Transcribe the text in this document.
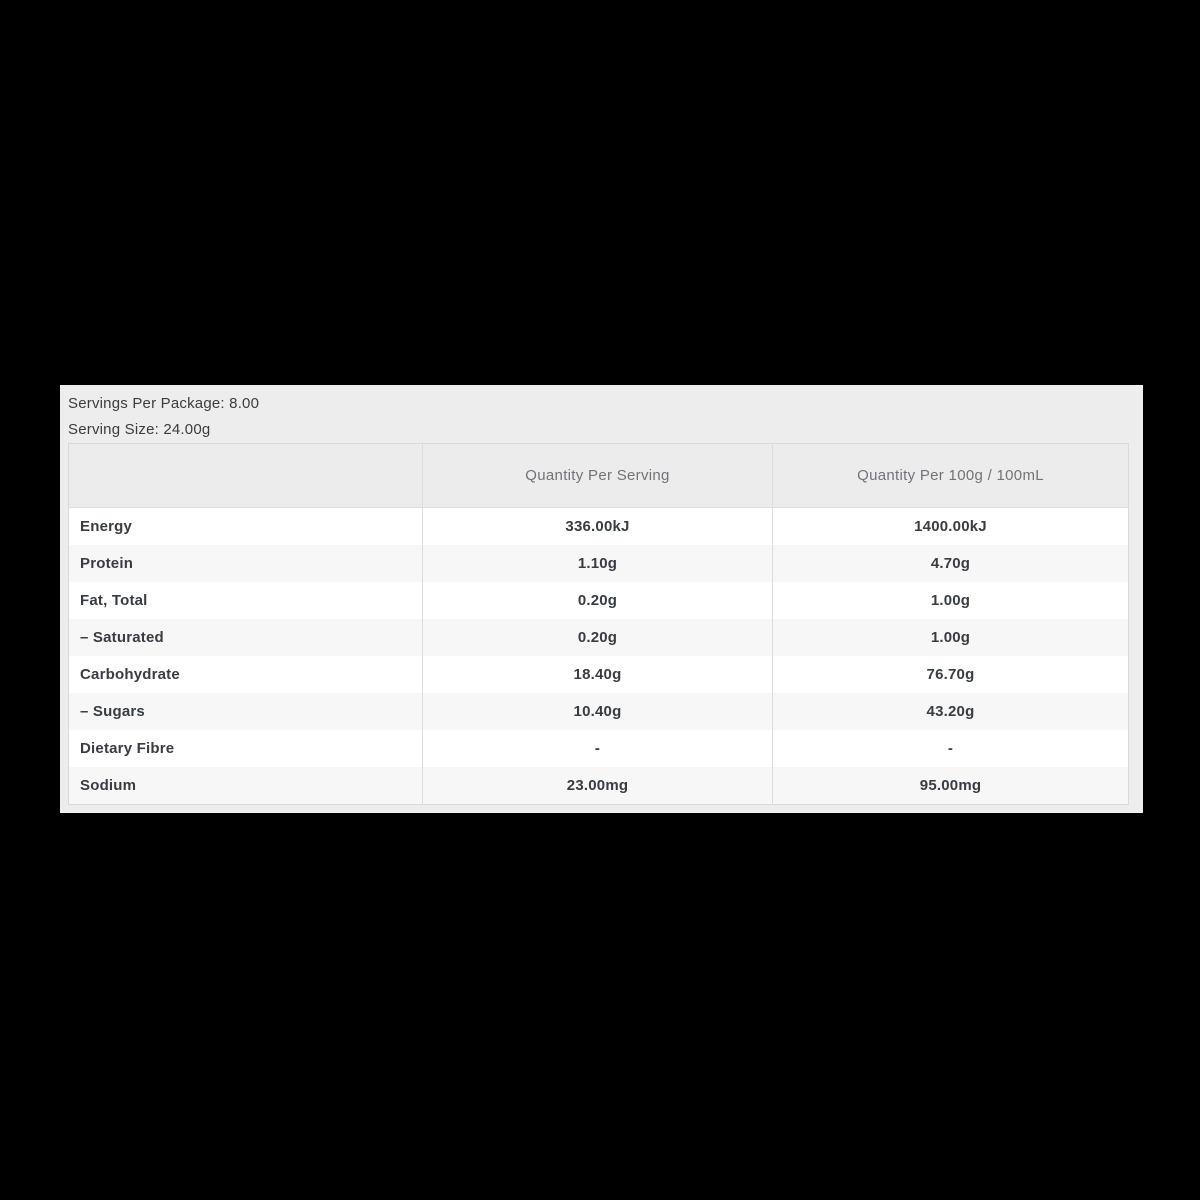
Servings Per Package: 8.00
Serving Size: 24.00g
	Quantity Per Serving	Quantity Per 100g / 100mL
Energy	336.00kJ	1400.00kJ
Protein	1.10g	4.70g
Fat, Total	0.20g	1.00g
– Saturated	0.20g	1.00g
Carbohydrate	18.40g	76.70g
– Sugars	10.40g	43.20g
Dietary Fibre	-	-
Sodium	23.00mg	95.00mg
